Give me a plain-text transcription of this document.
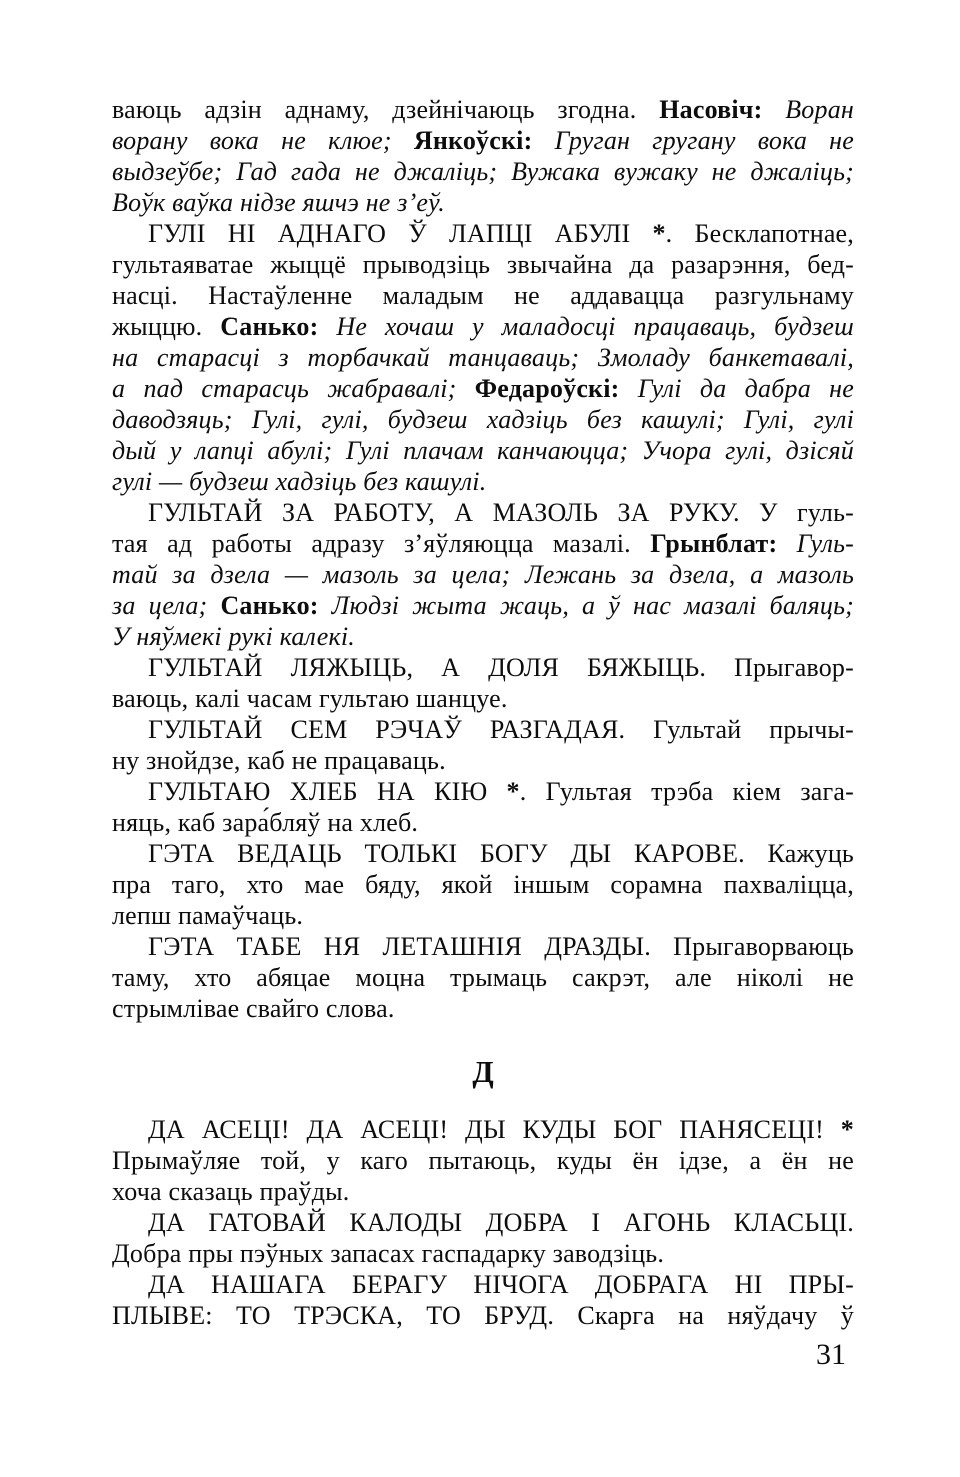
ваюць адзін аднаму, дзейнічаюць згодна. Насовіч: Воран
ворану вока не клюе; Янкоўскі: Груган гругану вока не
выдзеўбе; Гад гада не джаліць; Вужака вужаку не джаліць;
Воўк ваўка нідзе яшчэ не з’еў.
ГУЛІ НІ АДНАГО Ў ЛАПЦІ АБУЛІ *. Бесклапотнае,
гультаяватае жыццё прыводзіць звычайна да разарэння, бед-
насці. Настаўленне маладым не аддавацца разгульнаму
жыццю. Санько: Не хочаш у маладосці працаваць, будзеш
на старасці з торбачкай танцаваць; Змоладу банкетавалі,
а пад старасць жабравалі; Федароўскі: Гулі да дабра не
даводзяць; Гулі, гулі, будзеш хадзіць без кашулі; Гулі, гулі
дый у лапці абулі; Гулі плачам канчаюцца; Учора гулі, дзісяй
гулі — будзеш хадзіць без кашулі.
ГУЛЬТАЙ ЗА РАБОТУ, А МАЗОЛЬ ЗА РУКУ. У гуль-
тая ад работы адразу з’яўляюцца мазалі. Грынблат: Гуль-
тай за дзела — мазоль за цела; Лежань за дзела, а мазоль
за цела; Санько: Людзі жыта жаць, а ў нас мазалі баляць;
У няўмекі рукі калекі.
ГУЛЬТАЙ ЛЯЖЫЦЬ, А ДОЛЯ БЯЖЫЦЬ. Прыгавор-
ваюць, калі часам гультаю шанцуе.
ГУЛЬТАЙ СЕМ РЭЧАЎ РАЗГАДАЯ. Гультай прычы-
ну знойдзе, каб не працаваць.
ГУЛЬТАЮ ХЛЕБ НА КІЮ *. Гультая трэба кіем зага-
няць, каб зара́бляў на хлеб.
ГЭТА ВЕДАЦЬ ТОЛЬКІ БОГУ ДЫ КАРОВЕ. Кажуць
пра таго, хто мае бяду, якой іншым сорамна пахваліцца,
лепш памаўчаць.
ГЭТА ТАБЕ НЯ ЛЕТАШНІЯ ДРАЗДЫ. Прыгаворваюць
таму, хто абяцае моцна трымаць сакрэт, але ніколі не
стрымлівае свайго слова.
Д
ДА АСЕЦІ! ДА АСЕЦІ! ДЫ КУДЫ БОГ ПАНЯСЕЦІ! *
Прымаўляе той, у каго пытаюць, куды ён ідзе, а ён не
хоча сказаць праўды.
ДА ГАТОВАЙ КАЛОДЫ ДОБРА І АГОНЬ КЛАСЬЦІ.
Добра пры пэўных запасах гаспадарку заводзіць.
ДА НАШАГА БЕРАГУ НІЧОГА ДОБРАГА НІ ПРЫ-
ПЛЫВЕ: ТО ТРЭСКА, ТО БРУД. Скарга на няўдачу ў
31
